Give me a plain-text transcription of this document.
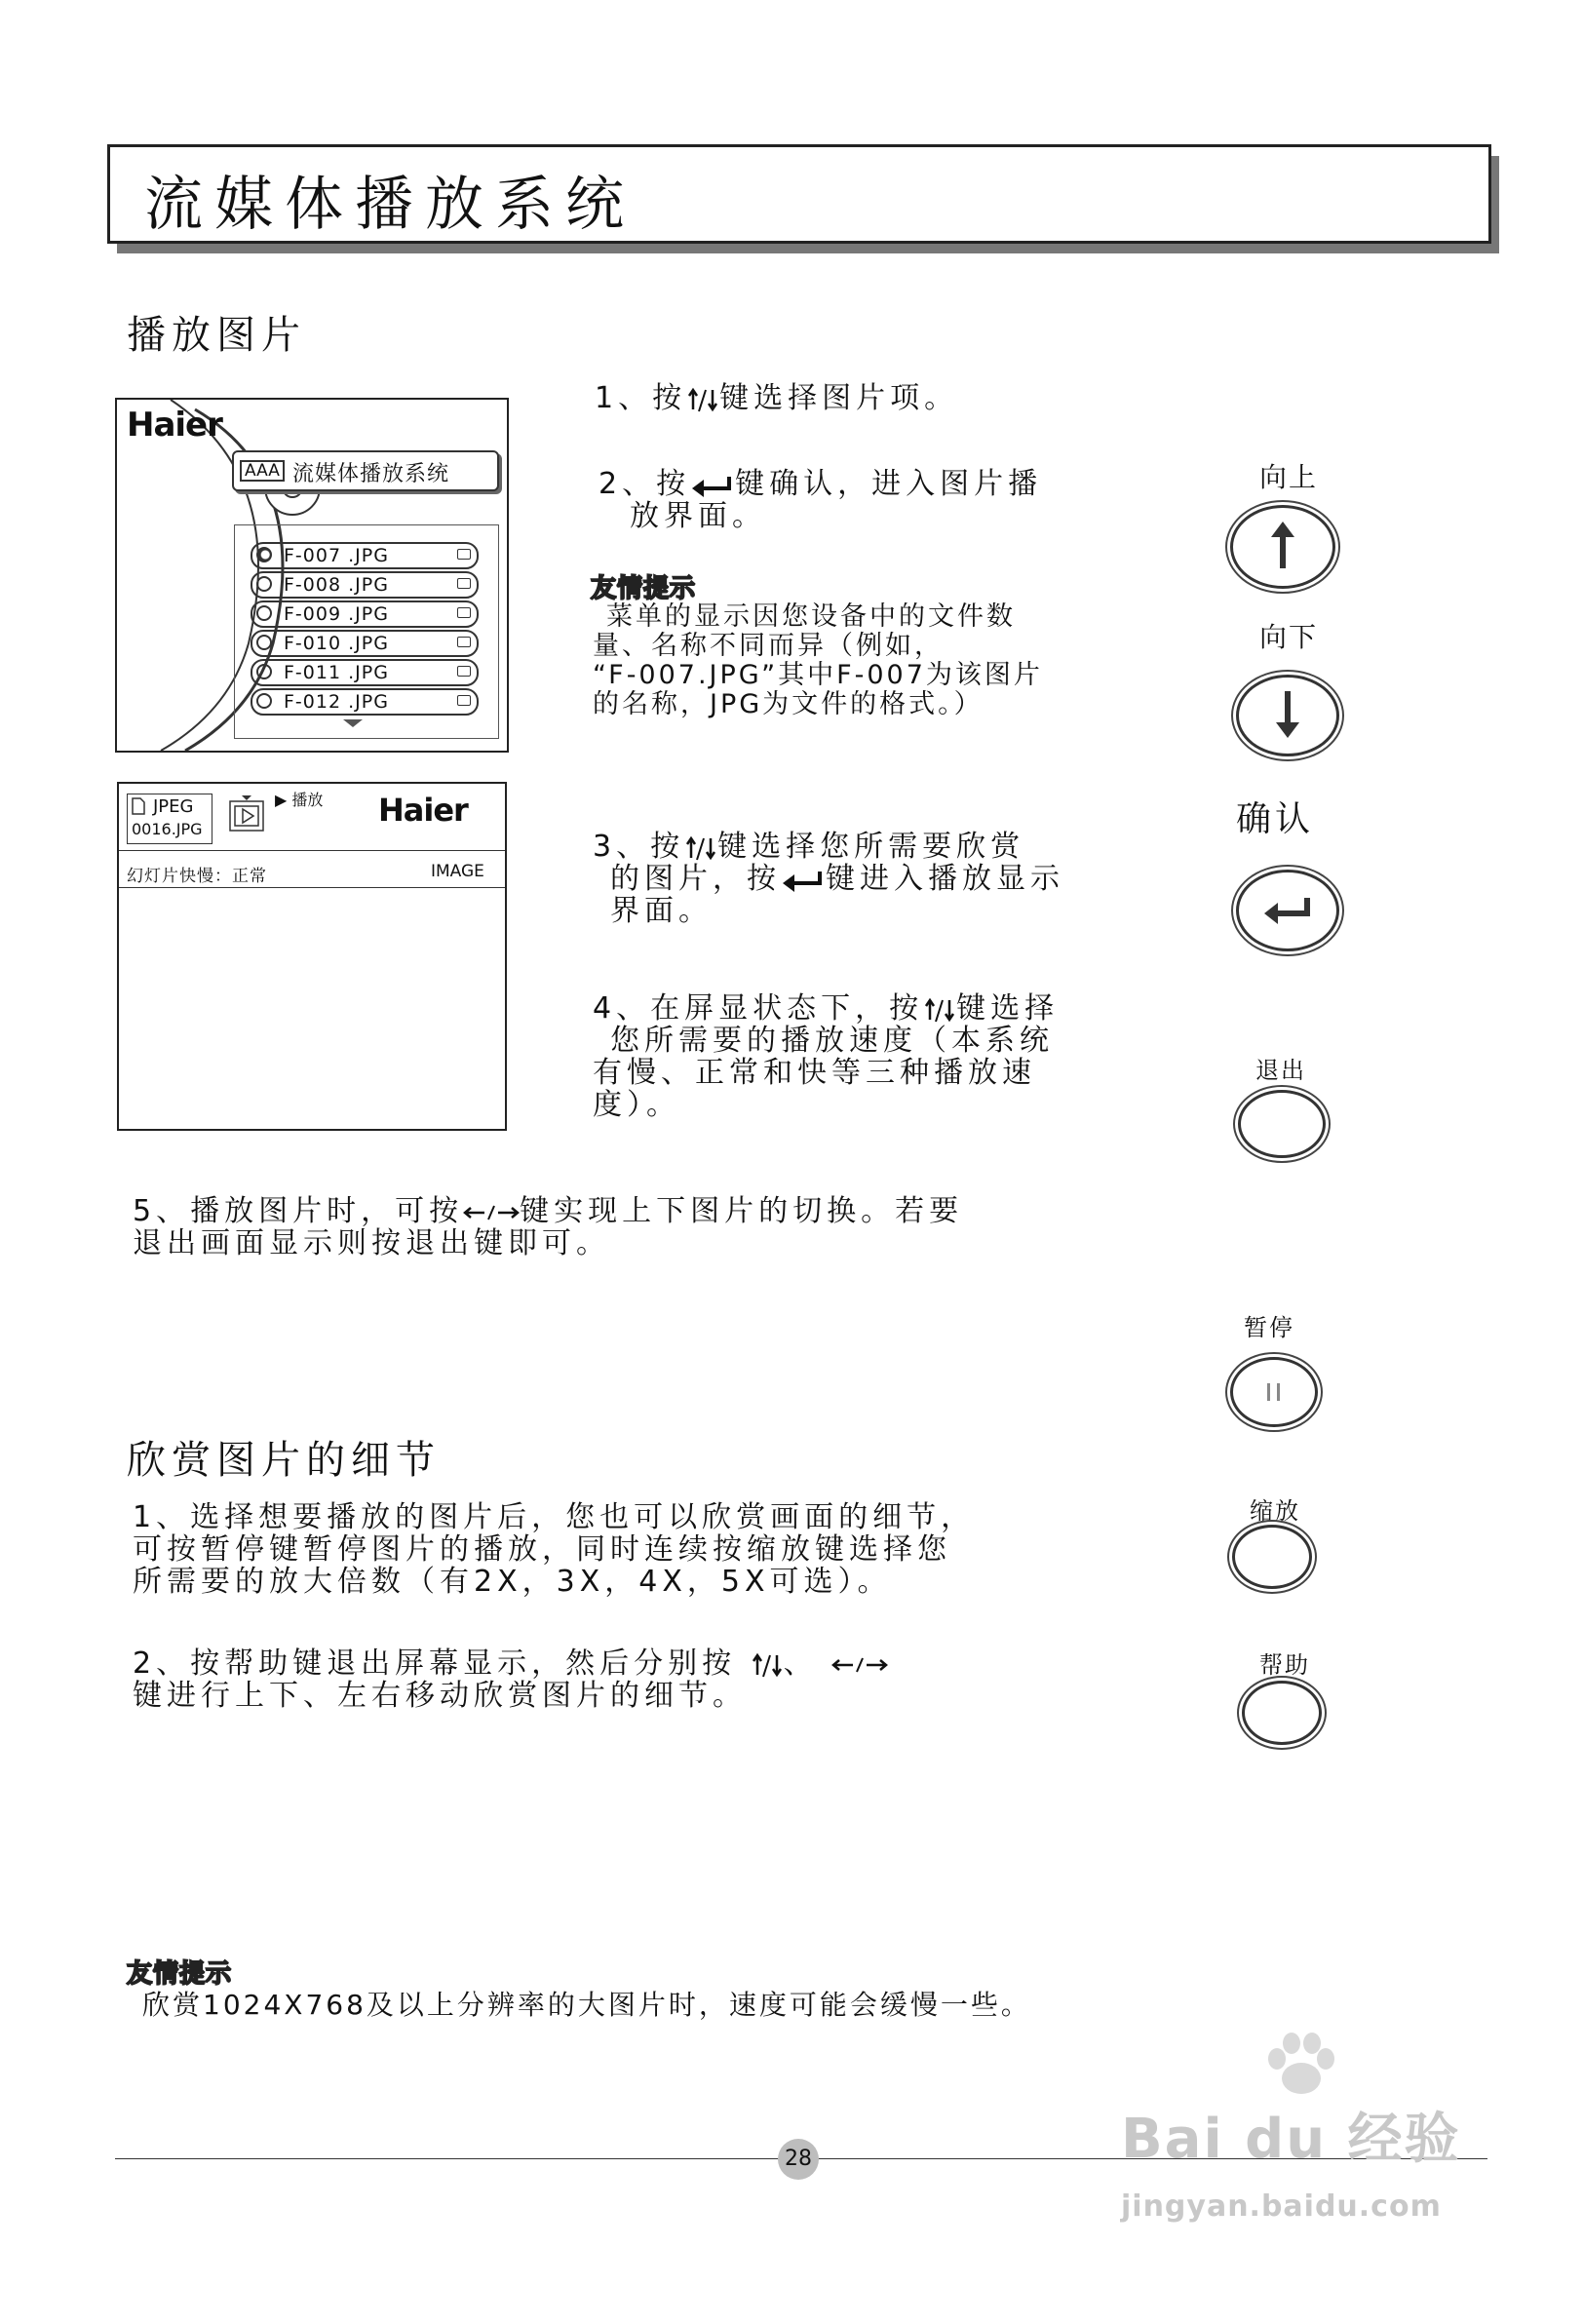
流媒体播放系统
播放图片
Haier
AAA 流媒体播放系统
F-007 .JPG
F-008 .JPG
F-009 .JPG
F-010 .JPG
F-011 .JPG
F-012 .JPG
JPEG
0016.JPG
▶ 播放 Haier
幻灯片快慢：正常	IMAGE
1、按 键选择图片项。
2、按 键确认，进入图片播
放界面。
友情提示
菜单的显示因您设备中的文件数
量、名称不同而异（例如，
“F-007.JPG”其中F-007为该图片
的名称，JPG为文件的格式。）
3、按 键选择您所需要欣赏
的图片，按 键进入播放显示
界面。
4、在屏显状态下，按 键选择
您所需要的播放速度（本系统
有慢、正常和快等三种播放速
度）。
5、播放图片时，可按 键实现上下图片的切换。若要
退出画面显示则按退出键即可。
欣赏图片的细节
1、选择想要播放的图片后，您也可以欣赏画面的细节，
可按暂停键暂停图片的播放，同时连续按缩放键选择您
所需要的放大倍数（有2X，3X，4X，5X可选）。
2、按帮助键退出屏幕显示，然后分别按 、
键进行上下、左右移动欣赏图片的细节。
友情提示
欣赏1024X768及以上分辨率的大图片时，速度可能会缓慢一些。
向上
向下
确认
退出
暂停
缩放
帮助
28	Bai du 经验
jingyan.baidu.com
